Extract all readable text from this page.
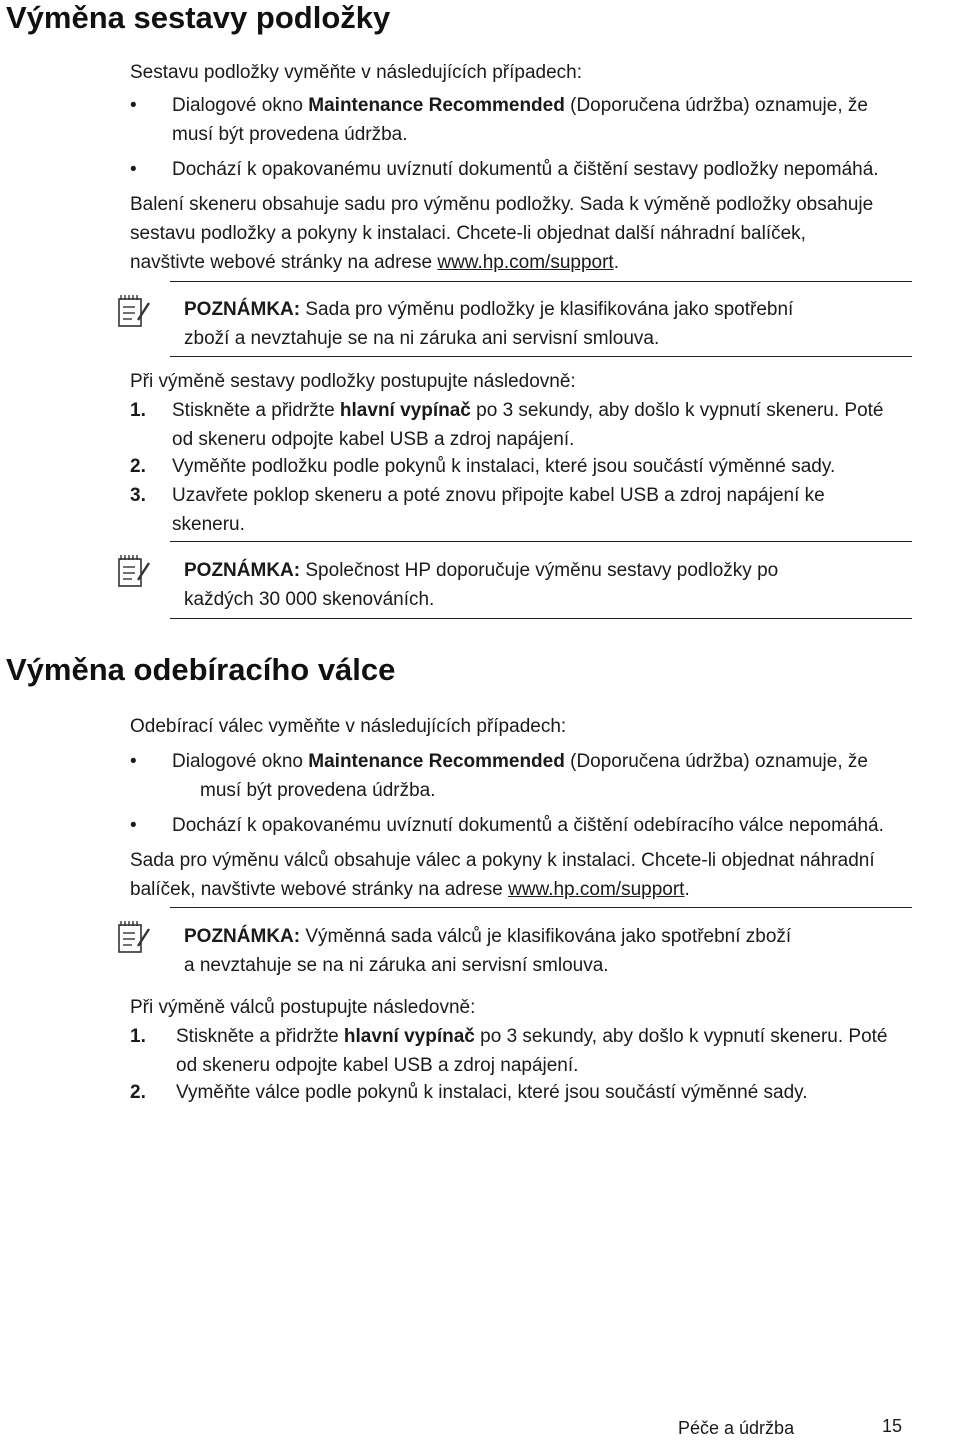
Výměna sestavy podložky

Sestavu podložky vyměňte v následujících případech:

• Dialogové okno Maintenance Recommended (Doporučena údržba) oznamuje, že
musí být provedena údržba.
• Dochází k opakovanému uvíznutí dokumentů a čištění sestavy podložky nepomáhá.
Balení skeneru obsahuje sadu pro výměnu podložky. Sada k výměně podložky obsahuje
sestavu podložky a pokyny k instalaci. Chcete-li objednat další náhradní balíček,
navštivte webové stránky na adrese www.hp.com/support.
POZNÁMKA: Sada pro výměnu podložky je klasifikována jako spotřební
zboží a nevztahuje se na ni záruka ani servisní smlouva.

Při výměně sestavy podložky postupujte následovně:

1. Stiskněte a přidržte hlavní vypínač po 3 sekundy, aby došlo k vypnutí skeneru. Poté
od skeneru odpojte kabel USB a zdroj napájení.
2. Vyměňte podložku podle pokynů k instalaci, které jsou součástí výměnné sady.
3. Uzavřete poklop skeneru a poté znovu připojte kabel USB a zdroj napájení ke
skeneru.
POZNÁMKA: Společnost HP doporučuje výměnu sestavy podložky po
každých 30 000 skenováních.
Výměna odebíracího válce

Odebírací válec vyměňte v následujících případech:

• Dialogové okno Maintenance Recommended (Doporučena údržba) oznamuje, že
musí být provedena údržba.
• Dochází k opakovanému uvíznutí dokumentů a čištění odebíracího válce nepomáhá.
Sada pro výměnu válců obsahuje válec a pokyny k instalaci. Chcete-li objednat náhradní
balíček, navštivte webové stránky na adrese www.hp.com/support.
POZNÁMKA: Výměnná sada válců je klasifikována jako spotřební zboží
a nevztahuje se na ni záruka ani servisní smlouva.

Při výměně válců postupujte následovně:

1. Stiskněte a přidržte hlavní vypínač po 3 sekundy, aby došlo k vypnutí skeneru. Poté
od skeneru odpojte kabel USB a zdroj napájení.
2. Vyměňte válce podle pokynů k instalaci, které jsou součástí výměnné sady.
Péče a údržba	15
